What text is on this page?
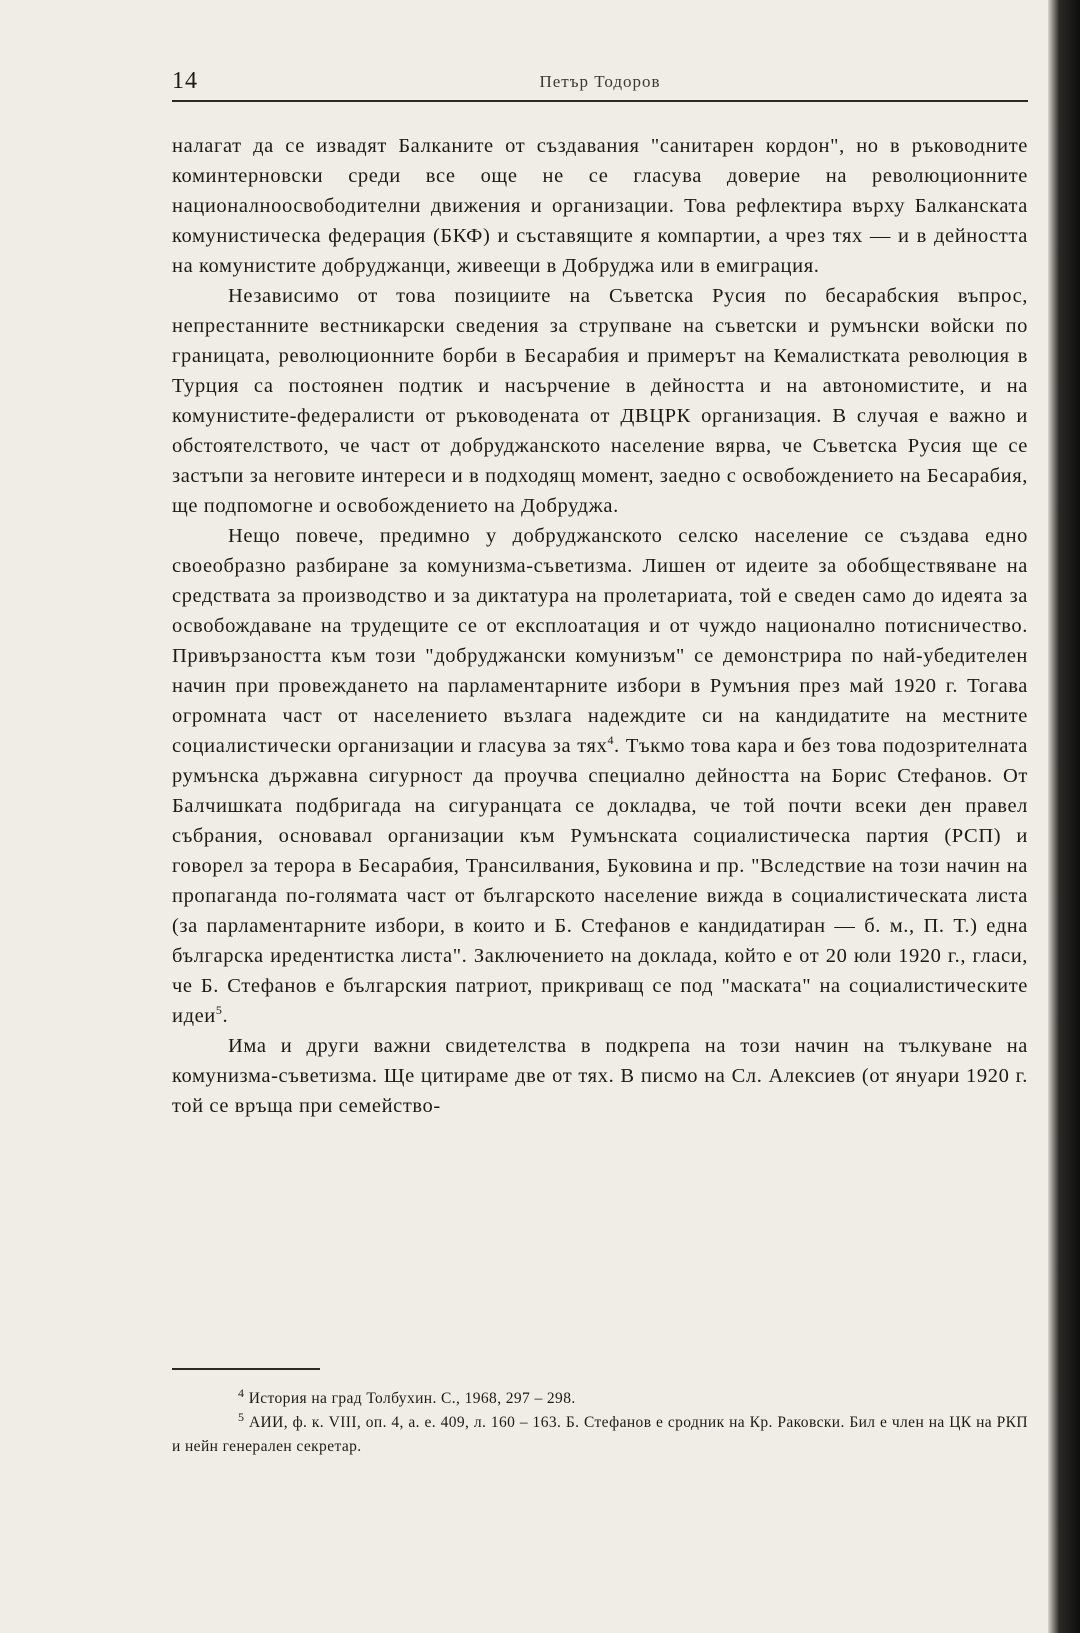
14	Петър Тодоров

налагат да се извадят Балканите от създавания "санитарен кордон", но в ръководните коминтерновски среди все още не се гласува доверие на революционните националноосвободителни движения и организации. Това рефлектира върху Балканската комунистическа федерация (БКФ) и съставящите я компартии, а чрез тях — и в дейността на комунистите добруджанци, живеещи в Добруджа или в емиграция.

Независимо от това позициите на Съветска Русия по бесарабския въпрос, непрестанните вестникарски сведения за струпване на съветски и румънски войски по границата, революционните борби в Бесарабия и примерът на Кемалистката революция в Турция са постоянен подтик и насърчение в дейността и на автономистите, и на комунистите-федералисти от ръководената от ДВЦРК организация. В случая е важно и обстоятелството, че част от добруджанското население вярва, че Съветска Русия ще се застъпи за неговите интереси и в подходящ момент, заедно с освобождението на Бесарабия, ще подпомогне и освобождението на Добруджа.

Нещо повече, предимно у добруджанското селско население се създава едно своеобразно разбиране за комунизма-съветизма. Лишен от идеите за обобществяване на средствата за производство и за диктатура на пролетариата, той е сведен само до идеята за освобождаване на трудещите се от експлоатация и от чуждо национално потисничество. Привързаността към този "добруджански комунизъм" се демонстрира по най-убедителен начин при провеждането на парламентарните избори в Румъния през май 1920 г. Тогава огромната част от населението възлага надеждите си на кандидатите на местните социалистически организации и гласува за тях$^4$. Тъкмо това кара и без това подозрителната румънска държавна сигурност да проучва специално дейността на Борис Стефанов. От Балчишката подбригада на сигуранцата се докладва, че той почти всеки ден правел събрания, основавал организации към Румънската социалистическа партия (РСП) и говорел за терора в Бесарабия, Трансилвания, Буковина и пр. "Вследствие на този начин на пропаганда по-голямата част от българското население вижда в социалистическата листа (за парламентарните избори, в които и Б. Стефанов е кандидатиран — б. м., П. Т.) една българска иредентистка листа". Заключението на доклада, който е от 20 юли 1920 г., гласи, че Б. Стефанов е българския патриот, прикриващ се под "маската" на социалистическите идеи$^5$.

Има и други важни свидетелства в подкрепа на този начин на тълкуване на комунизма-съветизма. Ще цитираме две от тях. В писмо на Сл. Алексиев (от януари 1920 г. той се връща при семейство-

$^4$ История на град Толбухин. С., 1968, 297 – 298.

$^5$ АИИ, ф. к. VIII, оп. 4, а. е. 409, л. 160 – 163. Б. Стефанов е сродник на Кр. Раковски. Бил е член на ЦК на РКП и нейн генерален секретар.
